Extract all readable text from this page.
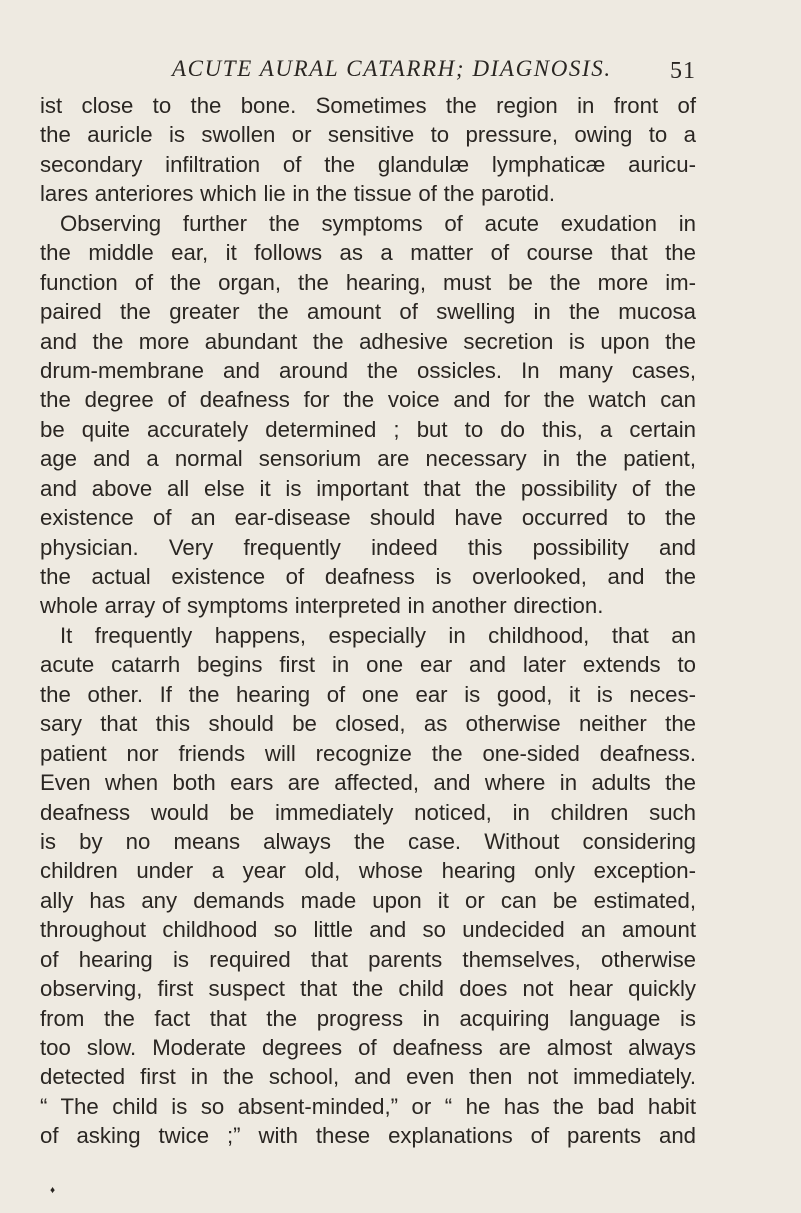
ACUTE AURAL CATARRH; DIAGNOSIS. 51
ist close to the bone. Sometimes the region in front of
the auricle is swollen or sensitive to pressure, owing to a
secondary infiltration of the glandulæ lymphaticæ auricu-
lares anteriores which lie in the tissue of the parotid.
Observing further the symptoms of acute exudation in
the middle ear, it follows as a matter of course that the
function of the organ, the hearing, must be the more im-
paired the greater the amount of swelling in the mucosa
and the more abundant the adhesive secretion is upon the
drum-membrane and around the ossicles. In many cases,
the degree of deafness for the voice and for the watch can
be quite accurately determined ; but to do this, a certain
age and a normal sensorium are necessary in the patient,
and above all else it is important that the possibility of the
existence of an ear-disease should have occurred to the
physician. Very frequently indeed this possibility and
the actual existence of deafness is overlooked, and the
whole array of symptoms interpreted in another direction.
It frequently happens, especially in childhood, that an
acute catarrh begins first in one ear and later extends to
the other. If the hearing of one ear is good, it is neces-
sary that this should be closed, as otherwise neither the
patient nor friends will recognize the one-sided deafness.
Even when both ears are affected, and where in adults the
deafness would be immediately noticed, in children such
is by no means always the case. Without considering
children under a year old, whose hearing only exception-
ally has any demands made upon it or can be estimated,
throughout childhood so little and so undecided an amount
of hearing is required that parents themselves, otherwise
observing, first suspect that the child does not hear quickly
from the fact that the progress in acquiring language is
too slow. Moderate degrees of deafness are almost always
detected first in the school, and even then not immediately.
“ The child is so absent-minded,” or “ he has the bad habit
of asking twice ;” with these explanations of parents and
♦
